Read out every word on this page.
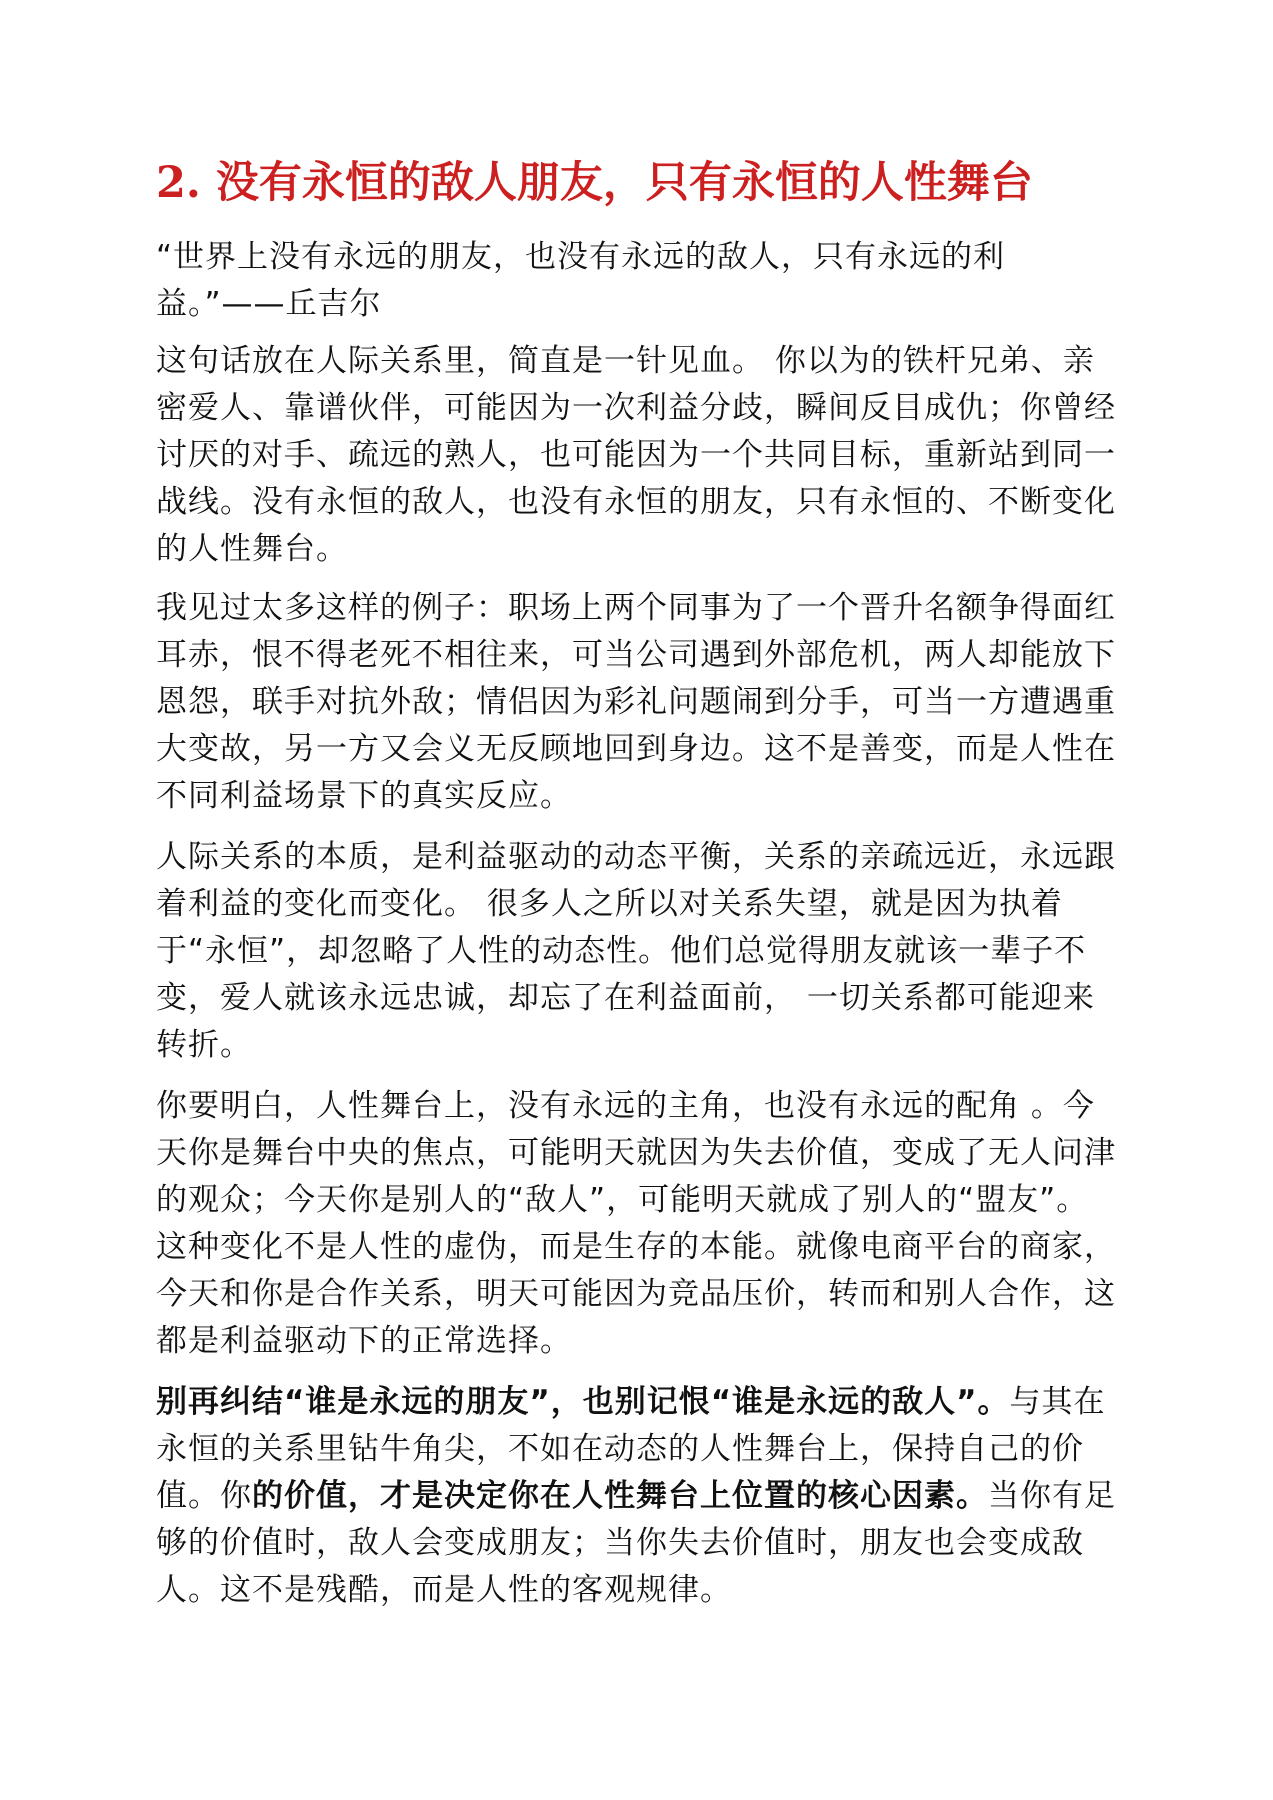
2. 没有永恒的敌人朋友，只有永恒的人性舞台

“世界上没有永远的朋友，也没有永远的敌人，只有永远的利益。”——丘吉尔

这句话放在人际关系里，简直是一针见血。 你以为的铁杆兄弟、亲密爱人、靠谱伙伴，可能因为一次利益分歧，瞬间反目成仇；你曾经讨厌的对手、疏远的熟人，也可能因为一个共同目标，重新站到同一战线。没有永恒的敌人，也没有永恒的朋友，只有永恒的、不断变化的人性舞台。

我见过太多这样的例子：职场上两个同事为了一个晋升名额争得面红耳赤，恨不得老死不相往来，可当公司遇到外部危机，两人却能放下恩怨，联手对抗外敌；情侣因为彩礼问题闹到分手，可当一方遭遇重大变故，另一方又会义无反顾地回到身边。这不是善变，而是人性在不同利益场景下的真实反应。

人际关系的本质，是利益驱动的动态平衡，关系的亲疏远近，永远跟着利益的变化而变化。 很多人之所以对关系失望，就是因为执着于“永恒”，却忽略了人性的动态性。他们总觉得朋友就该一辈子不变，爱人就该永远忠诚，却忘了在利益面前， 一切关系都可能迎来转折。

你要明白，人性舞台上，没有永远的主角，也没有永远的配角 。今天你是舞台中央的焦点，可能明天就因为失去价值，变成了无人问津的观众；今天你是别人的“敌人”，可能明天就成了别人的“盟友”。这种变化不是人性的虚伪，而是生存的本能。就像电商平台的商家，今天和你是合作关系，明天可能因为竞品压价，转而和别人合作，这都是利益驱动下的正常选择。

别再纠结“谁是永远的朋友”，也别记恨“谁是永远的敌人”。与其在永恒的关系里钻牛角尖，不如在动态的人性舞台上，保持自己的价值。你的价值，才是决定你在人性舞台上位置的核心因素。当你有足够的价值时，敌人会变成朋友；当你失去价值时，朋友也会变成敌人。这不是残酷，而是人性的客观规律。
